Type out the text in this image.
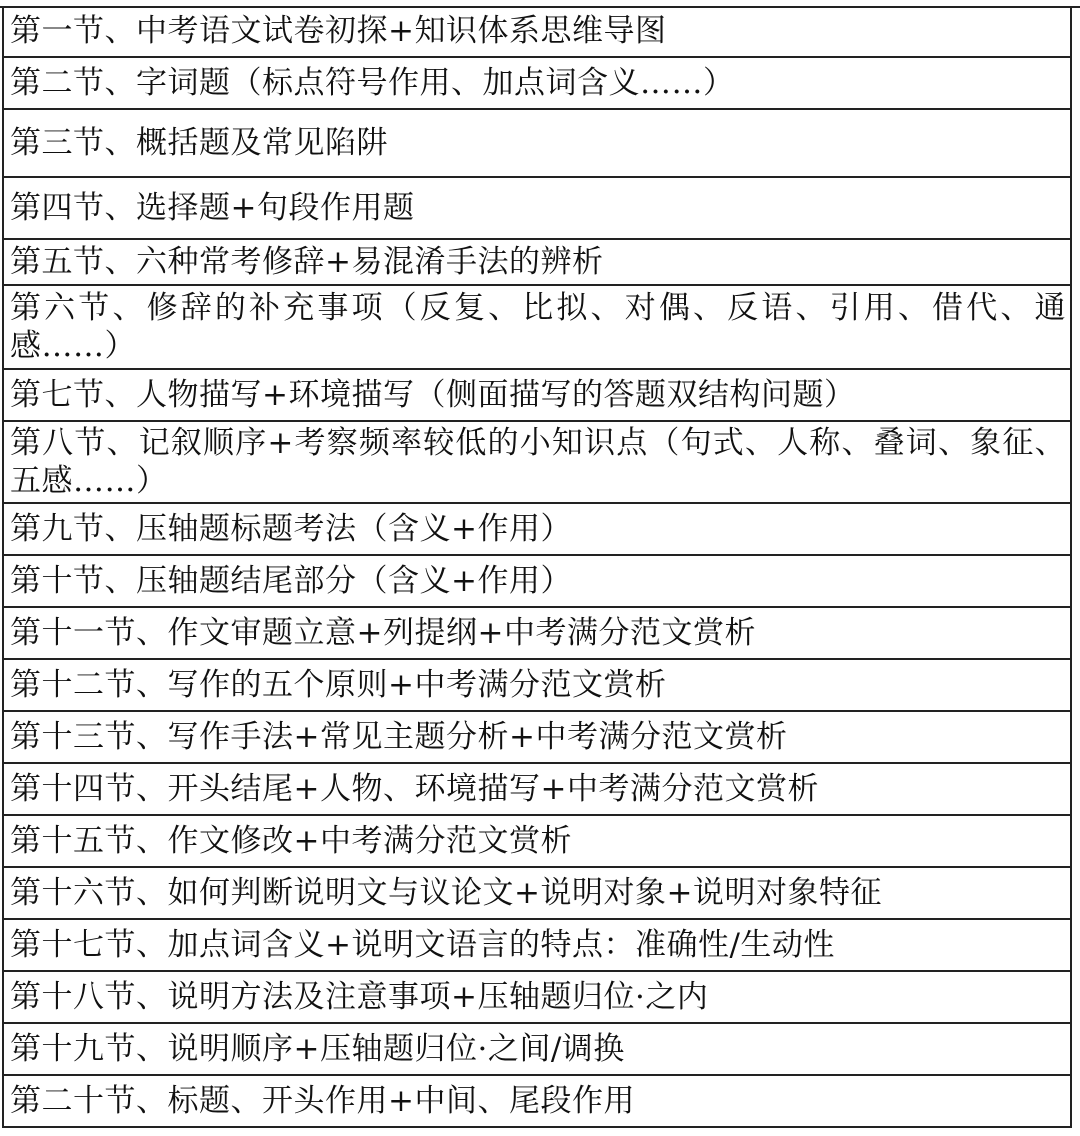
第一节、中考语文试卷初探+知识体系思维导图
第二节、字词题（标点符号作用、加点词含义……）
第三节、概括题及常见陷阱
第四节、选择题+句段作用题
第五节、六种常考修辞+易混淆手法的辨析
第六节、修辞的补充事项（反复、比拟、对偶、反语、引用、借代、通感……）
第七节、人物描写+环境描写（侧面描写的答题双结构问题）
第八节、记叙顺序+考察频率较低的小知识点（句式、人称、叠词、象征、五感……）
第九节、压轴题标题考法（含义+作用）
第十节、压轴题结尾部分（含义+作用）
第十一节、作文审题立意+列提纲+中考满分范文赏析
第十二节、写作的五个原则+中考满分范文赏析
第十三节、写作手法+常见主题分析+中考满分范文赏析
第十四节、开头结尾+人物、环境描写+中考满分范文赏析
第十五节、作文修改+中考满分范文赏析
第十六节、如何判断说明文与议论文+说明对象+说明对象特征
第十七节、加点词含义+说明文语言的特点：准确性/生动性
第十八节、说明方法及注意事项+压轴题归位·之内
第十九节、说明顺序+压轴题归位·之间/调换
第二十节、标题、开头作用+中间、尾段作用
